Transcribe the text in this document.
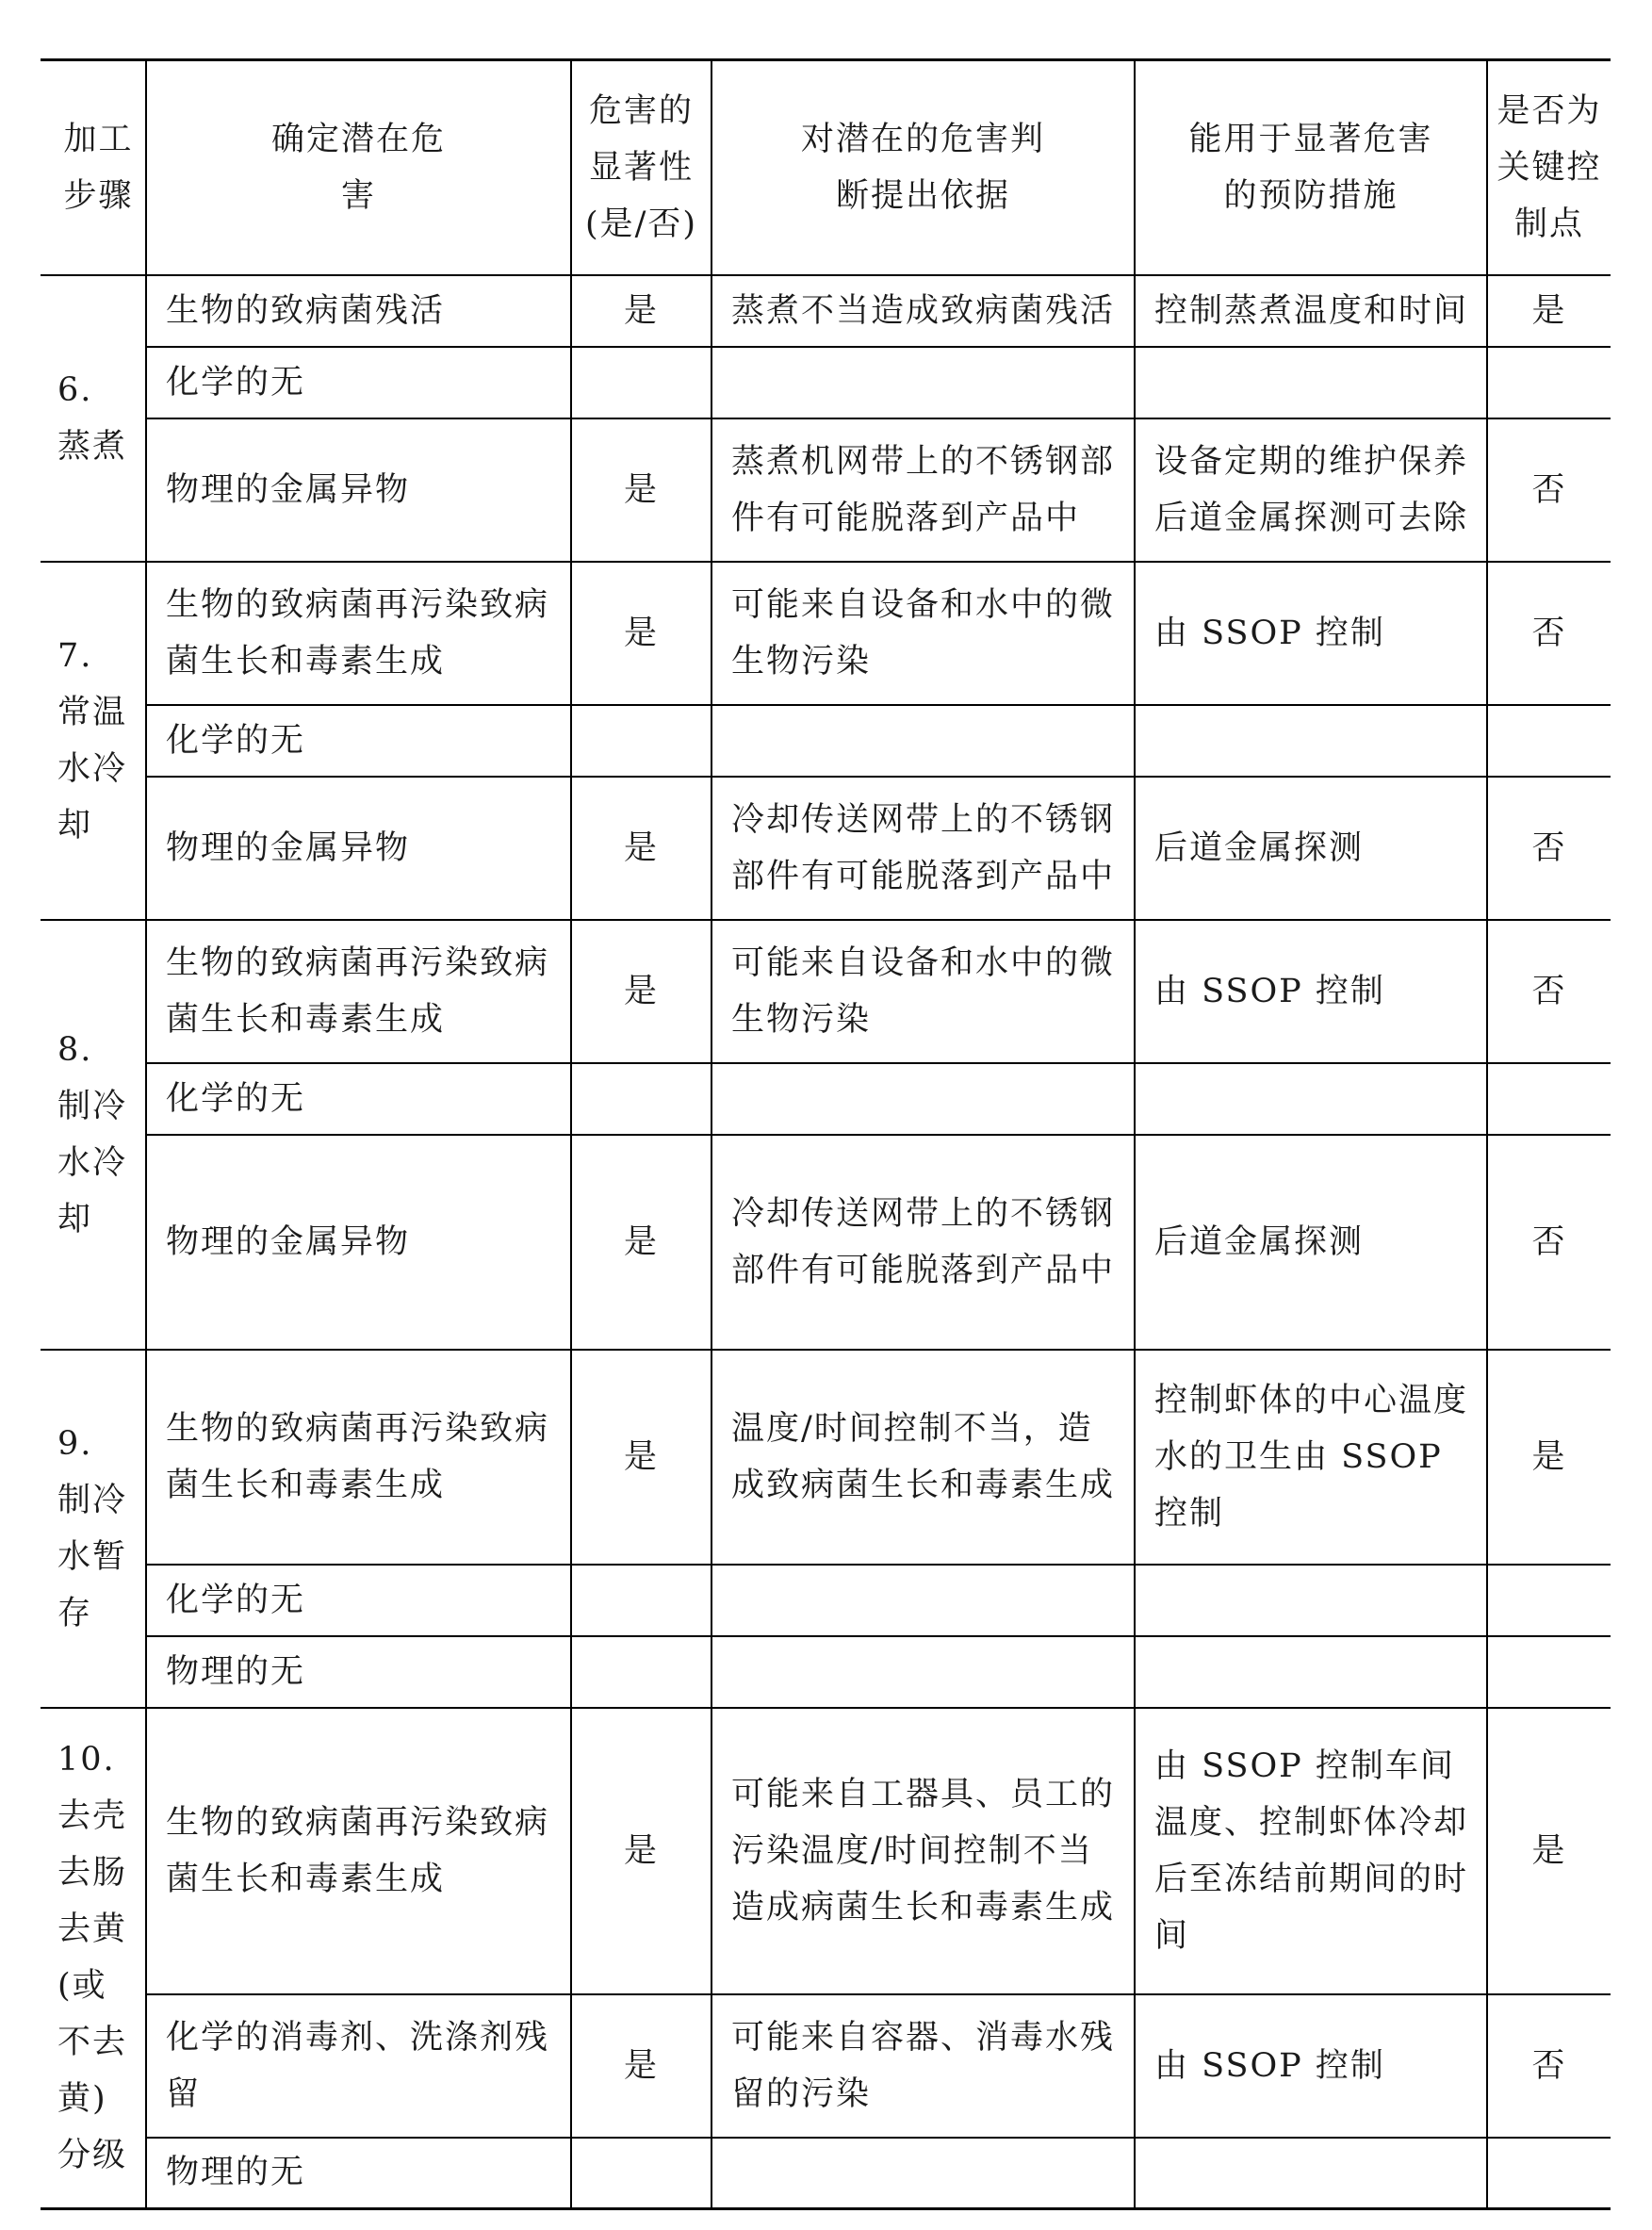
加工步骤	确定潜在危害	危害的显著性(是/否)	对潜在的危害判断提出依据	能用于显著危害的预防措施	是否为关键控制点

6.
蒸煮	生物的致病菌残活	是	蒸煮不当造成致病菌残活	控制蒸煮温度和时间	是
	化学的无				
	物理的金属异物	是	蒸煮机网带上的不锈钢部件有可能脱落到产品中	设备定期的维护保养后道金属探测可去除	否

7.
常温水冷却	生物的致病菌再污染致病菌生长和毒素生成	是	可能来自设备和水中的微生物污染	由 SSOP 控制	否
	化学的无				
	物理的金属异物	是	冷却传送网带上的不锈钢部件有可能脱落到产品中	后道金属探测	否

8.
制冷水冷却	生物的致病菌再污染致病菌生长和毒素生成	是	可能来自设备和水中的微生物污染	由 SSOP 控制	否
	化学的无				
	物理的金属异物	是	冷却传送网带上的不锈钢部件有可能脱落到产品中	后道金属探测	否

9.
制冷水暂存	生物的致病菌再污染致病菌生长和毒素生成	是	温度/时间控制不当，造成致病菌生长和毒素生成	控制虾体的中心温度水的卫生由 SSOP 控制	是
	化学的无				
	物理的无				

10.
去壳去肠去黄(或不去黄)分级	生物的致病菌再污染致病菌生长和毒素生成	是	可能来自工器具、员工的污染温度/时间控制不当造成病菌生长和毒素生成	由 SSOP 控制车间温度、控制虾体冷却后至冻结前期间的时间	是
	化学的消毒剂、洗涤剂残留	是	可能来自容器、消毒水残留的污染	由 SSOP 控制	否
	物理的无				
